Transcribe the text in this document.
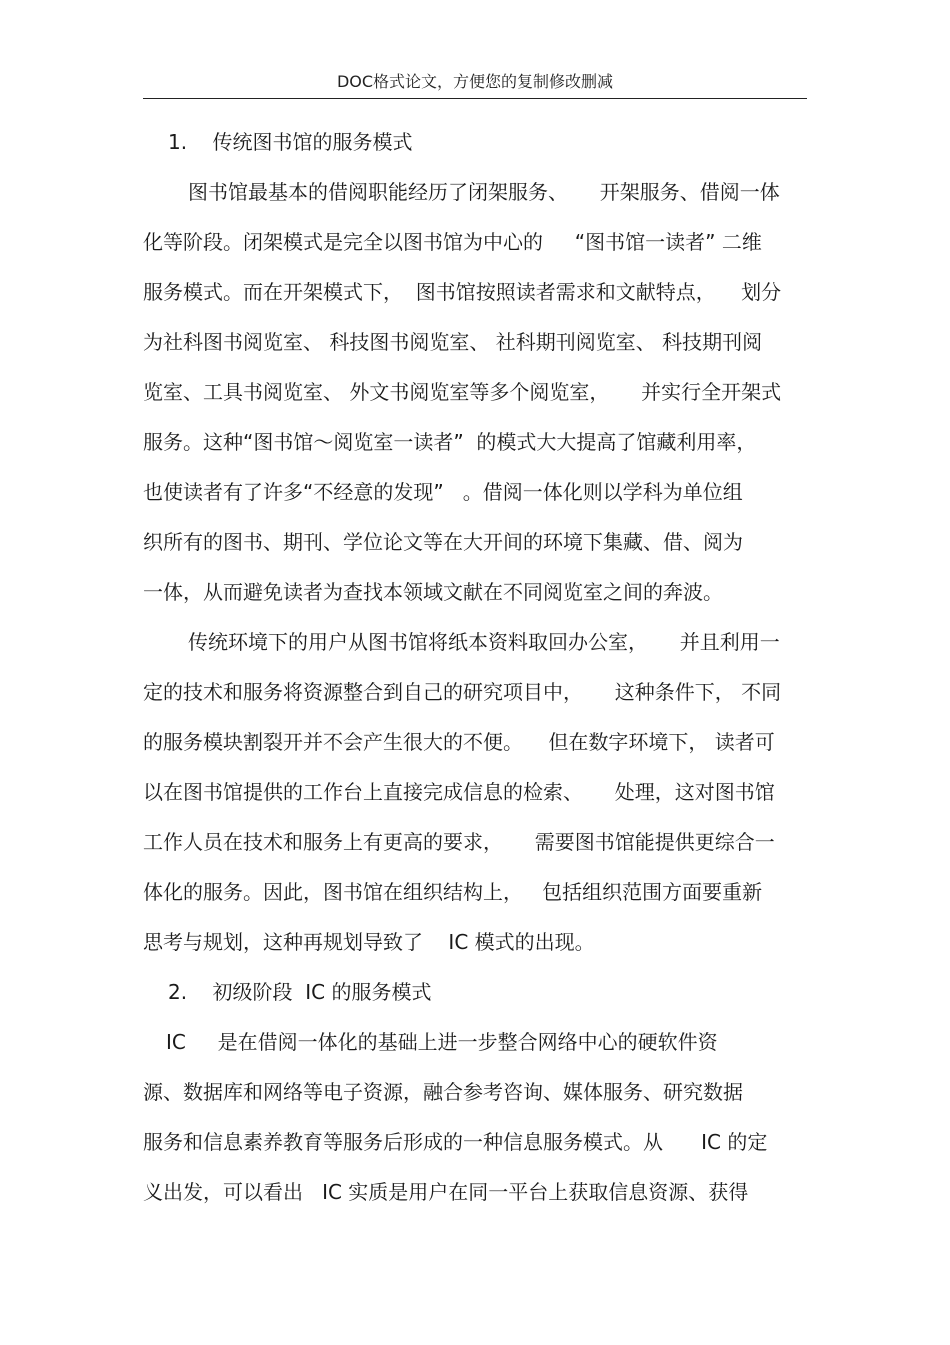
DOC格式论文，方便您的复制修改删减
1.    传统图书馆的服务模式
图书馆最基本的借阅职能经历了闭架服务、     开架服务、借阅一体
化等阶段。闭架模式是完全以图书馆为中心的     “图书馆一读者” 二维
服务模式。而在开架模式下，  图书馆按照读者需求和文献特点，    划分
为社科图书阅览室、 科技图书阅览室、 社科期刊阅览室、 科技期刊阅
览室、工具书阅览室、 外文书阅览室等多个阅览室，     并实行全开架式
服务。这种“图书馆～阅览室一读者”  的模式大大提高了馆藏利用率，
也使读者有了许多“不经意的发现”   。借阅一体化则以学科为单位组
织所有的图书、期刊、学位论文等在大开间的环境下集藏、借、阅为
一体，从而避免读者为查找本领域文献在不同阅览室之间的奔波。
传统环境下的用户从图书馆将纸本资料取回办公室，     并且利用一
定的技术和服务将资源整合到自己的研究项目中，     这种条件下， 不同
的服务模块割裂开并不会产生很大的不便。    但在数字环境下， 读者可
以在图书馆提供的工作台上直接完成信息的检索、     处理，这对图书馆
工作人员在技术和服务上有更高的要求，     需要图书馆能提供更综合一
体化的服务。因此，图书馆在组织结构上，   包括组织范围方面要重新
思考与规划，这种再规划导致了    IC 模式的出现。
2.    初级阶段  IC 的服务模式
IC     是在借阅一体化的基础上进一步整合网络中心的硬软件资
源、数据库和网络等电子资源，融合参考咨询、媒体服务、研究数据
服务和信息素养教育等服务后形成的一种信息服务模式。从      IC 的定
义出发，可以看出   IC 实质是用户在同一平台上获取信息资源、获得
